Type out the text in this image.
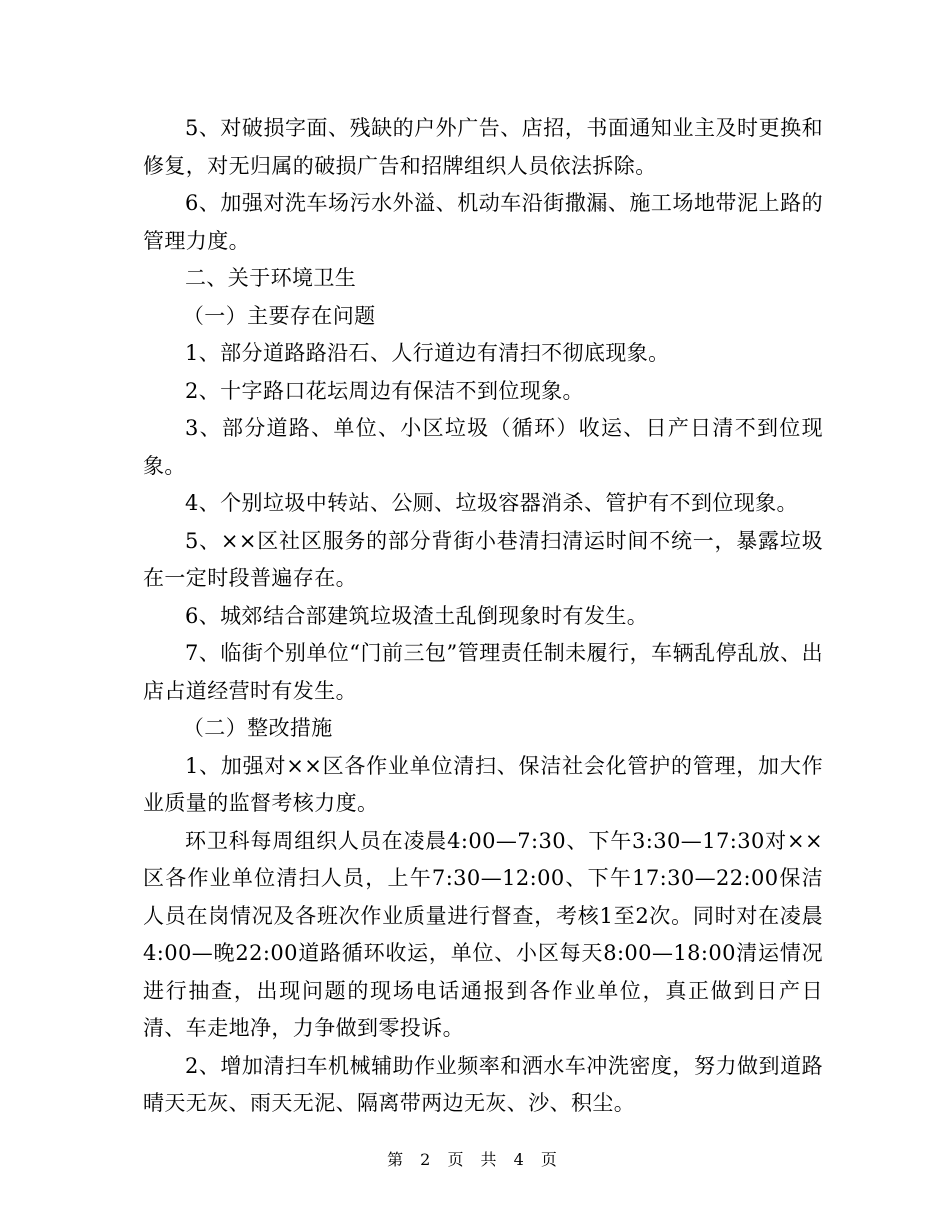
5、对破损字面、残缺的户外广告、店招，书面通知业主及时更换和修复，对无归属的破损广告和招牌组织人员依法拆除。

6、加强对洗车场污水外溢、机动车沿街撒漏、施工场地带泥上路的管理力度。

二、关于环境卫生

（一）主要存在问题

1、部分道路路沿石、人行道边有清扫不彻底现象。

2、十字路口花坛周边有保洁不到位现象。

3、部分道路、单位、小区垃圾（循环）收运、日产日清不到位现象。

4、个别垃圾中转站、公厕、垃圾容器消杀、管护有不到位现象。

5、××区社区服务的部分背街小巷清扫清运时间不统一，暴露垃圾在一定时段普遍存在。

6、城郊结合部建筑垃圾渣土乱倒现象时有发生。

7、临街个别单位“门前三包”管理责任制未履行，车辆乱停乱放、出店占道经营时有发生。

（二）整改措施

1、加强对××区各作业单位清扫、保洁社会化管护的管理，加大作业质量的监督考核力度。

环卫科每周组织人员在凌晨4:00—7:30、下午3:30—17:30对××区各作业单位清扫人员，上午7:30—12:00、下午17:30—22:00保洁人员在岗情况及各班次作业质量进行督查，考核1至2次。同时对在凌晨4:00—晚22:00道路循环收运，单位、小区每天8:00—18:00清运情况进行抽查，出现问题的现场电话通报到各作业单位，真正做到日产日清、车走地净，力争做到零投诉。

2、增加清扫车机械辅助作业频率和洒水车冲洗密度，努力做到道路晴天无灰、雨天无泥、隔离带两边无灰、沙、积尘。

第 2 页 共 4 页
